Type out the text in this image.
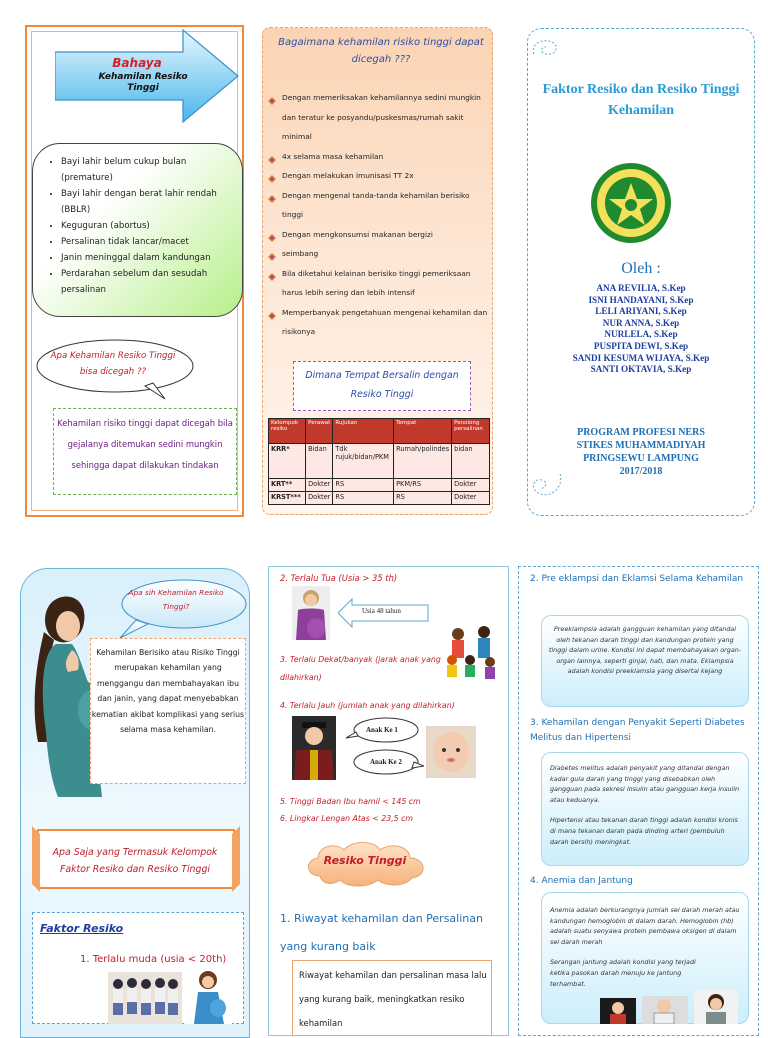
Bahaya
Kehamilan Resiko Tinggi
• Bayi lahir belum cukup bulan (premature)
• Bayi lahir dengan berat lahir rendah (BBLR)
• Keguguran (abortus)
• Persalinan tidak lancar/macet
• Janin meninggal dalam kandungan
• Perdarahan sebelum dan sesudah persalinan
Apa Kehamilan Resiko Tinggi bisa dicegah ??
Kehamilan risiko tinggi dapat dicegah bila gejalanya ditemukan sedini mungkin sehingga dapat dilakukan tindakan
Bagaimana kehamilan risiko tinggi dapat dicegah ???
Dengan memeriksakan kehamilannya sedini mungkin dan teratur ke posyandu/puskesmas/rumah sakit minimal
4x selama masa kehamilan
Dengan melakukan imunisasi TT 2x
Dengan mengenal tanda-tanda kehamilan berisiko tinggi
Dengan mengkonsumsi makanan bergizi
seimbang
Bila diketahui kelainan berisiko tinggi pemeriksaan harus lebih sering dan lebih intensif
Memperbanyak pengetahuan mengenai kehamilan dan risikonya
Dimana Tempat Bersalin dengan Resiko Tinggi
Kelompok resiko	Perawat	Rujukan	Tempat	Penolong persalinan
KRR*	Bidan	Tdk rujuk/bidan/PKM	Rumah/polindes	bidan
KRT**	Dokter	RS	PKM/RS	Dokter
KRST***	Dokter	RS	RS	Dokter
Faktor Resiko dan Resiko Tinggi Kehamilan
Oleh :
ANA REVILIA, S.Kep
ISNI HANDAYANI, S.Kep
LELI ARIYANI, S.Kep
NUR ANNA, S.Kep
NURLELA, S.Kep
PUSPITA DEWI, S.Kep
SANDI KESUMA WIJAYA, S.Kep
SANTI OKTAVIA, S.Kep
PROGRAM PROFESI NERS
STIKES MUHAMMADIYAH
PRINGSEWU LAMPUNG
2017/2018
Apa sih Kehamilan Resiko Tinggi?
Kehamilan Berisiko atau Risiko Tinggi merupakan kehamilan yang menggangu dan membahayakan ibu dan janin, yang dapat menyebabkan kematian akibat komplikasi yang serius selama masa kehamilan.
Apa Saja yang Termasuk Kelompok Faktor Resiko dan Resiko Tinggi
Faktor Resiko
1. Terlalu muda (usia < 20th)
2. Terlalu Tua (Usia > 35 th)
Usia 48 tahun
3. Terlalu Dekat/banyak (jarak anak yang dilahirkan)
4. Terlalu Jauh (jumlah anak yang dilahirkan)
Anak Ke 1
Anak Ke 2
5. Tinggi Badan Ibu hamil < 145 cm
6. Lingkar Lengan Atas < 23,5 cm
Resiko Tinggi
1. Riwayat kehamilan dan Persalinan yang kurang baik
Riwayat kehamilan dan persalinan masa lalu yang kurang baik, meningkatkan resiko kehamilan
2. Pre eklampsi dan Eklamsi Selama Kehamilan
Preeklampsia adalah gangguan kehamilan yang ditandai oleh tekanan darah tinggi dan kandungan protein yang tinggi dalam urine. Kondisi ini dapat membahayakan organ-organ lainnya, seperti ginjal, hati, dan mata. Eklampsia adalah kondisi preeklamsia yang disertai kejang
3. Kehamilan dengan Penyakit Seperti Diabetes Melitus dan Hipertensi
Diabetes melitus adalah penyakit yang ditandai dengan kadar gula darah yang tinggi yang disebabkan oleh gangguan pada sekresi insulin atau gangguan kerja insulin atau keduanya.
Hipertensi atau tekanan darah tinggi adalah kondisi kronis di mana tekanan darah pada dinding arteri (pembuluh darah bersih) meningkat.
4. Anemia dan Jantung
Anemia adalah berkurangnya jumlah sel darah merah atau kandungan hemoglobin di dalam darah. Hemoglobin (hb) adalah suatu senyawa protein pembawa oksigen di dalam sel darah merah
Serangan jantung adalah kondisi yang terjadi ketika pasokan darah menuju ke jantung terhambat.
